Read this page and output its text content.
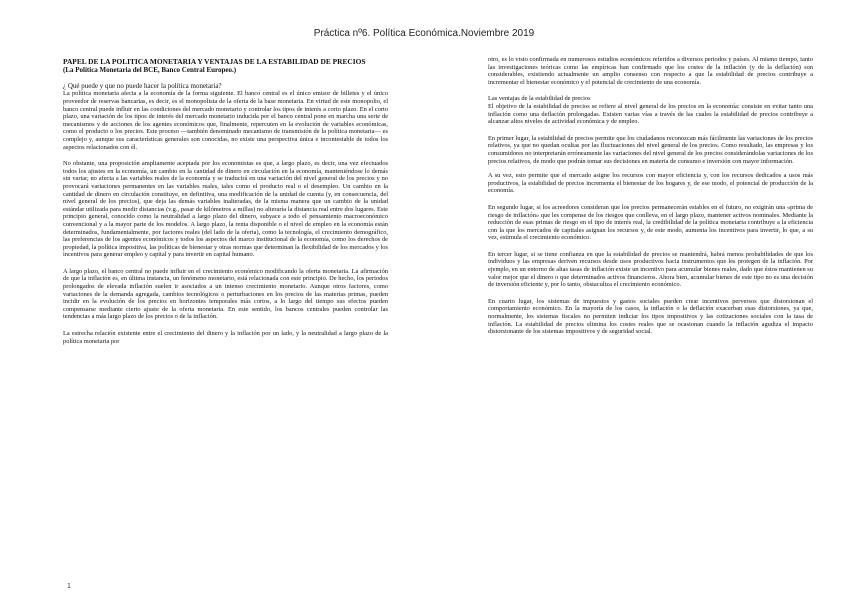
Práctica nº6. Política Económica.Noviembre 2019
PAPEL DE LA POLITICA MONETARIA Y VENTAJAS DE LA ESTABILIDAD DE PRECIOS
(La Política Monetaria del BCE, Banco Central Europeo.)
¿ Qué puede y que no puede hacer la política monetaria?

La política monetaria afecta a la economía de la forma siguiente. El banco central es el único emisor de billetes y el único proveedor de reservas bancarias, es decir, es el monopolista de la oferta de la base monetaria. En virtud de este monopolio, el banco central puede influir en las condiciones del mercado monetario y controlar los tipos de interés a corto plazo. En el corto plazo, una variación de los tipos de interés del mercado monetario inducida por el banco central pone en marcha una serie de mecanismos y de acciones de los agentes económicos que, finalmente, repercuten en la evolución de variables económicas, como el producto o los precios. Este proceso —también denominado mecanismo de transmisión de la política monetaria— es complejo y, aunque sus características generales son conocidas, no existe una perspectiva única e incontestable de todos los aspectos relacionados con él.

No obstante, una proposición ampliamente aceptada por los economistas es que, a largo plazo, es decir, una vez efectuados todos los ajustes en la economía, un cambio en la cantidad de dinero en circulación en la economía, manteniéndose lo demás sin variar, no afecta a las variables reales de la economía y se traducirá en una variación del nivel general de los precios y no provocará variaciones permanentes en las variables reales, tales como el producto real o el desempleo. Un cambio en la cantidad de dinero en circulación constituye, en definitiva, una modificación de la unidad de cuenta (y, en consecuencia, del nivel general de los precios), que deja las demás variables inalteradas, de la misma manera que un cambio de la unidad estándar utilizada para medir distancias (v.g., pasar de kilómetros a millas) no alteraría la distancia real entre dos lugares. Este principio general, conocido como la neutralidad a largo plazo del dinero, subyace a todo el pensamiento macroeconómico convencional y a la mayor parte de los modelos. A largo plazo, la renta disponible o el nivel de empleo en la economía están determinados, fundamentalmente, por factores reales (del lado de la oferta), como la tecnología, el crecimiento demográfico, las preferencias de los agentes económicos y todos los aspectos del marco institucional de la economía, como los derechos de propiedad, la política impositiva, las políticas de bienestar y otras normas que determinan la flexibilidad de los mercados y los incentivos para generar empleo y capital y para invertir en capital humano.

A largo plazo, el banco central no puede influir en el crecimiento económico modificando la oferta monetaria. La afirmación de que la inflación es, en última instancia, un fenómeno monetario, está relacionada con este principio. De hecho, los periodos prolongados de elevada inflación suelen ir asociados a un intenso crecimiento monetario. Aunque otros factores, como variaciones de la demanda agregada, cambios tecnológicos o perturbaciones en los precios de las materias primas, pueden incidir en la evolución de los precios en horizontes temporales más cortos, a lo largo del tiempo sus efectos pueden compensarse mediante cierto ajuste de la oferta monetaria. En este sentido, los bancos centrales pueden controlar las tendencias a más largo plazo de los precios o de la inflación.

La estrecha relación existente entre el crecimiento del dinero y la inflación por un lado, y la neutralidad a largo plazo de la política monetaria por

otro, es lo visto confirmada en numerosos estudios económicos referidos a diversos periodos y países. Al mismo tiempo, tanto las investigaciones teóricas como las empíricas han confirmado que los costes de la inflación (y de la deflación) son considerables, existiendo actualmente un amplio consenso con respecto a que la estabilidad de precios contribuye a incrementar el bienestar económico y el potencial de crecimiento de una economía.

Las ventajas de la estabilidad de precios

El objetivo de la estabilidad de precios se refiere al nivel general de los precios en la economía: consiste en evitar tanto una inflación como una deflación prolongadas. Existen varias vías a través de las cuales la estabilidad de precios contribuye a alcanzar altos niveles de actividad económica y de empleo.

En primer lugar, la estabilidad de precios permite que los ciudadanos reconozcan más fácilmente las variaciones de los precios relativos, ya que no quedan ocultas por las fluctuaciones del nivel general de los precios. Como resultado, las empresas y los consumidores no interpretarán erróneamente las variaciones del nivel general de los precios considerándolas variaciones de los precios relativos, de modo que podrán tomar sus decisiones en materia de consumo e inversión con mayor información.

A su vez, esto permite que el mercado asigne los recursos con mayor eficiencia y, con los recursos dedicados a usos más productivos, la estabilidad de precios incrementa el bienestar de los hogares y, de ese modo, el potencial de producción de la economía.

En segundo lugar, si los acreedores consideran que los precios permanecerán estables en el futuro, no exigirán una «prima de riesgo de inflación» que les compense de los riesgos que conlleva, en el largo plazo, mantener activos nominales. Mediante la reducción de esas primas de riesgo en el tipo de interés real, la credibilidad de la política monetaria contribuye a la eficiencia con la que los mercados de capitales asignan los recursos y, de este modo, aumenta los incentivos para invertir, lo que, a su vez, estimula el crecimiento económico.

En tercer lugar, si se tiene confianza en que la estabilidad de precios se mantendrá, habrá menos probabilidades de que los individuos y las empresas deriven recursos desde usos productivos hacia instrumentos que les protegen de la inflación. Por ejemplo, en un entorno de altas tasas de inflación existe un incentivo para acumular bienes reales, dado que éstos mantienen su valor mejor que el dinero o que determinados activos financieros. Ahora bien, acumular bienes de este tipo no es una decisión de inversión eficiente y, por lo tanto, obstaculiza el crecimiento económico.

En cuarto lugar, los sistemas de impuestos y gastos sociales pueden crear incentivos perversos que distorsionan el comportamiento económico. En la mayoría de los casos, la inflación o la deflación exacerban esas distorsiones, ya que, normalmente, los sistemas fiscales no permiten indiciar los tipos impositivos y las cotizaciones sociales con la tasa de inflación. La estabilidad de precios elimina los costes reales que se ocasionan cuando la inflación agudiza el impacto distorsionante de los sistemas impositivos y de seguridad social.

1
